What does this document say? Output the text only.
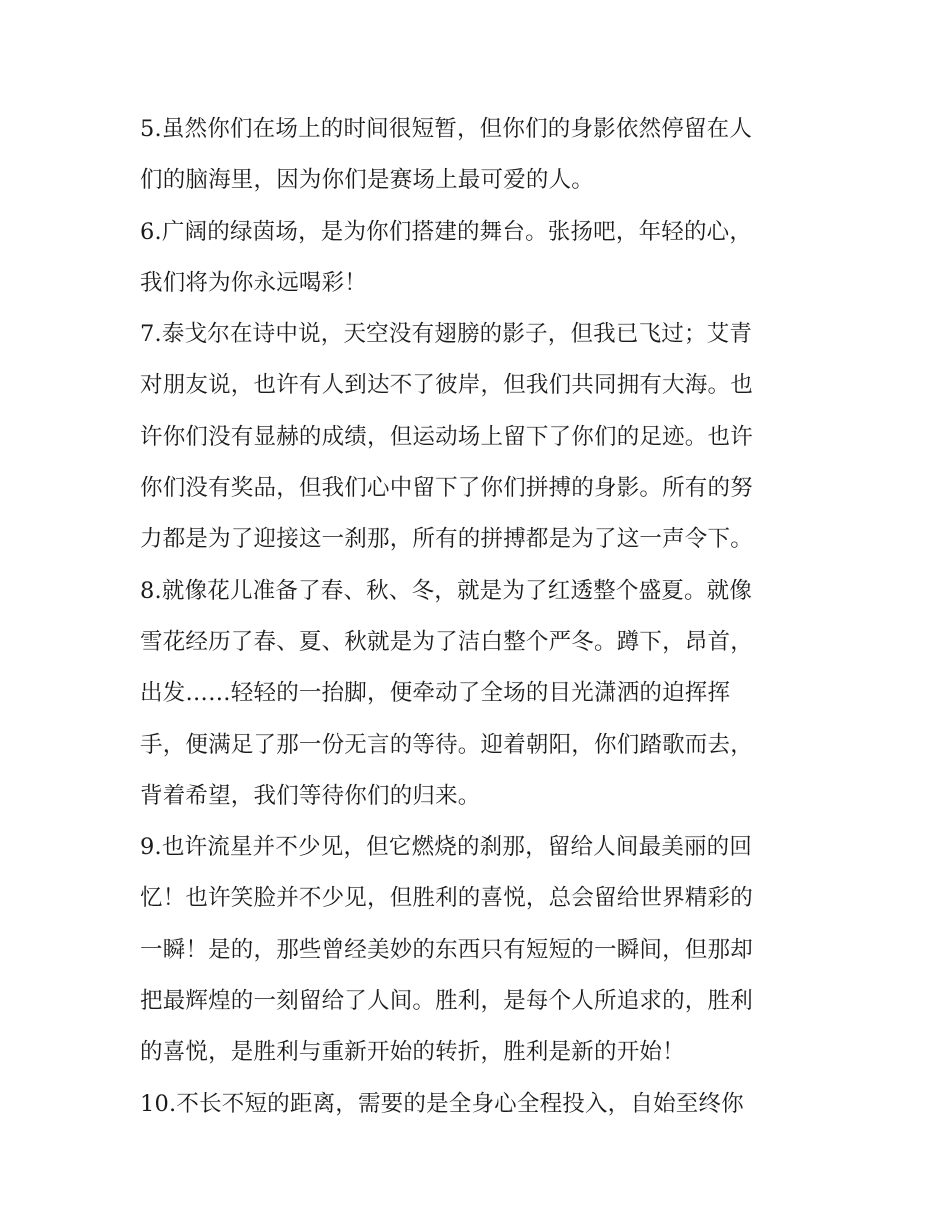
5.虽然你们在场上的时间很短暂，但你们的身影依然停留在人
们的脑海里，因为你们是赛场上最可爱的人。
6.广阔的绿茵场，是为你们搭建的舞台。张扬吧，年轻的心，
我们将为你永远喝彩！
7.泰戈尔在诗中说，天空没有翅膀的影子，但我已飞过；艾青
对朋友说，也许有人到达不了彼岸，但我们共同拥有大海。也
许你们没有显赫的成绩，但运动场上留下了你们的足迹。也许
你们没有奖品，但我们心中留下了你们拼搏的身影。所有的努
力都是为了迎接这一刹那，所有的拼搏都是为了这一声令下。
8.就像花儿准备了春、秋、冬，就是为了红透整个盛夏。就像
雪花经历了春、夏、秋就是为了洁白整个严冬。蹲下，昂首，
出发……轻轻的一抬脚，便牵动了全场的目光潇洒的迫挥挥
手，便满足了那一份无言的等待。迎着朝阳，你们踏歌而去，
背着希望，我们等待你们的归来。
9.也许流星并不少见，但它燃烧的刹那，留给人间最美丽的回
忆！也许笑脸并不少见，但胜利的喜悦，总会留给世界精彩的
一瞬！是的，那些曾经美妙的东西只有短短的一瞬间，但那却
把最辉煌的一刻留给了人间。胜利，是每个人所追求的，胜利
的喜悦，是胜利与重新开始的转折，胜利是新的开始！
10.不长不短的距离，需要的是全身心全程投入，自始至终你
